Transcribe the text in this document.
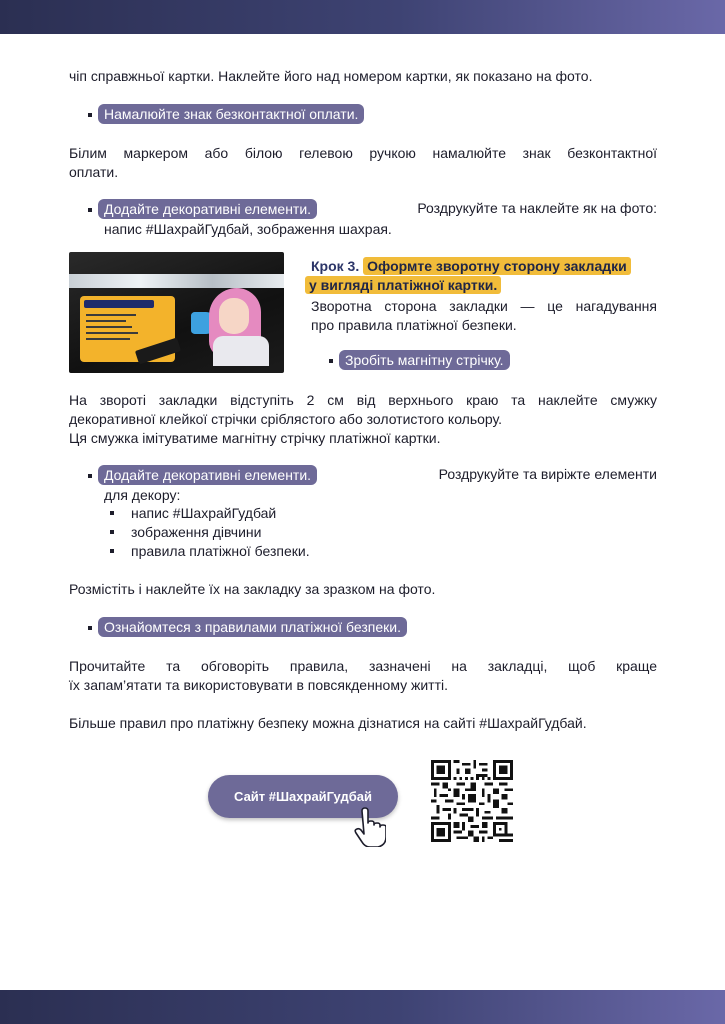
чіп справжньої картки. Наклейте його над номером картки, як показано на фото.
Намалюйте знак безконтактної оплати.
Білим маркером або білою гелевою ручкою намалюйте знак безконтактної
оплати.
Додайте декоративні елементи.	Роздрукуйте та наклейте як на фото:
напис #ШахрайГудбай, зображення шахрая.
Крок 3. Оформте зворотну сторону закладки
у вигляді платіжної картки.
Зворотна сторона закладки — це нагадування
про правила платіжної безпеки.
Зробіть магнітну стрічку.
На звороті закладки відступіть 2 см від верхнього краю та наклейте смужку
декоративної клейкої стрічки сріблястого або золотистого кольору.
Ця смужка імітуватиме магнітну стрічку платіжної картки.
Додайте декоративні елементи.	Роздрукуйте та виріжте елементи
для декору:
напис #ШахрайГудбай
зображення дівчини
правила платіжної безпеки.
Розмістіть і наклейте їх на закладку за зразком на фото.
Ознайомтеся з правилами платіжної безпеки.
Прочитайте та обговоріть правила, зазначені на закладці, щоб краще
їх запам’ятати та використовувати в повсякденному житті.
Більше правил про платіжну безпеку можна дізнатися на сайті #ШахрайГудбай.
Сайт #ШахрайГудбай
